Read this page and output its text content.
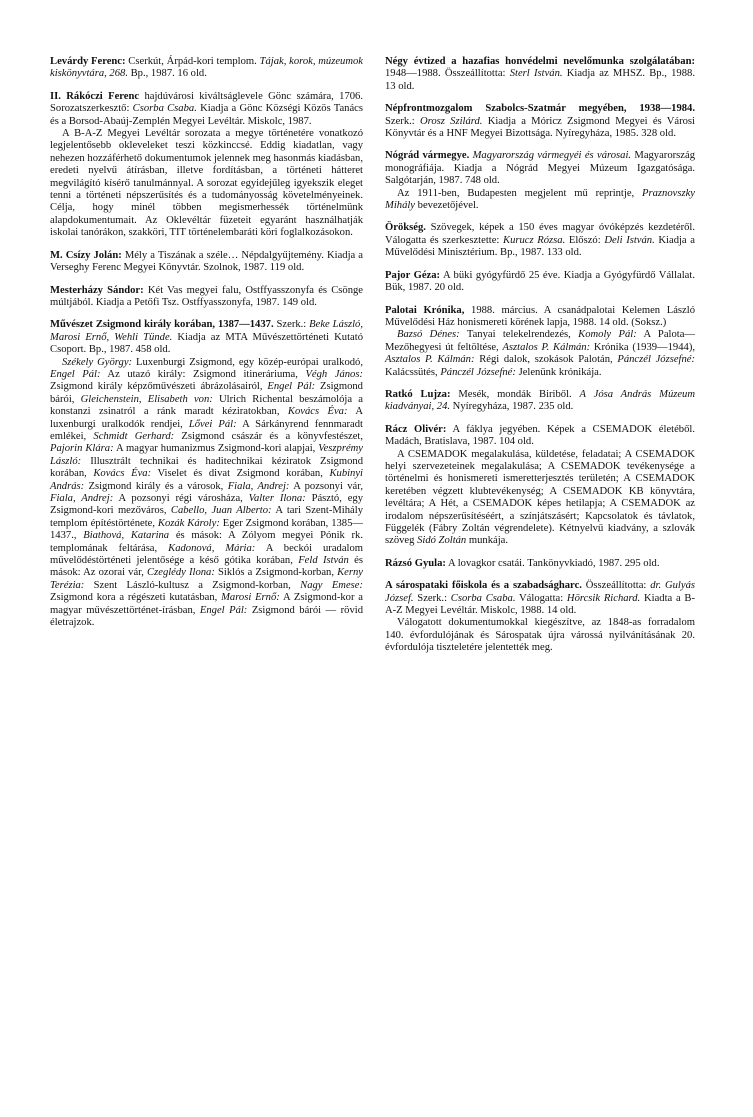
Levárdy Ferenc: Cserkút, Árpád-kori templom. Tájak, korok, múzeumok kiskönyvtára, 268. Bp., 1987. 16 old.

II. Rákóczi Ferenc hajdúvárosi kiváltságlevele Gönc számára, 1706. Sorozatszerkesztő: Csorba Csaba. Kiadja a Gönc Községi Közös Tanács és a Borsod-Abaúj-Zemplén Megyei Levéltár. Miskolc, 1987.

A B-A-Z Megyei Levéltár sorozata a megye történetére vonatkozó legjelentősebb okleveleket teszi közkinccsé. Eddig kiadatlan, vagy nehezen hozzáférhető dokumentumok jelennek meg hasonmás kiadásban, eredeti nyelvű átírásban, illetve fordításban, a történeti hátteret megvilágító kísérő tanulmánnyal. A sorozat egyidejűleg igyekszik eleget tenni a történeti népszerűsítés és a tudományosság követelményeinek. Célja, hogy minél többen megismerhessék történelmünk alapdokumentumait. Az Oklevéltár füzeteit egyaránt használhatják iskolai tanórákon, szakköri, TIT történelembaráti köri foglalkozásokon.

M. Csízy Jolán: Mély a Tiszának a széle… Népdalgyűjtemény. Kiadja a Verseghy Ferenc Megyei Könyvtár. Szolnok, 1987. 119 old.

Mesterházy Sándor: Két Vas megyei falu, Ostffyasszonyfa és Csönge múltjából. Kiadja a Petőfi Tsz. Ostffyasszonyfa, 1987. 149 old.

Művészet Zsigmond király korában, 1387—1437. Szerk.: Beke László, Marosi Ernő, Wehli Tünde. Kiadja az MTA Művészettörténeti Kutató Csoport. Bp., 1987. 458 old.

Székely György: Luxenburgi Zsigmond, egy közép-európai uralkodó, Engel Pál: Az utazó király: Zsigmond itineráriuma, Végh János: Zsigmond király képzőművészeti ábrázolásairól, Engel Pál: Zsigmond bárói, Gleichenstein, Elisabeth von: Ulrich Richental beszámolója a konstanzi zsinatról a ránk maradt kéziratokban, Kovács Éva: A luxenburgi uralkodók rendjei, Lővei Pál: A Sárkányrend fennmaradt emlékei, Schmidt Gerhard: Zsigmond császár és a könyvfestészet, Pajorin Klára: A magyar humanizmus Zsigmond-kori alapjai, Veszprémy László: Illusztrált technikai és haditechnikai kéziratok Zsigmond korában, Kovács Éva: Viselet és divat Zsigmond korában, Kubinyi András: Zsigmond király és a városok, Fiala, Andrej: A pozsonyi vár, Fiala, Andrej: A pozsonyi régi városháza, Valter Ilona: Pásztó, egy Zsigmond-kori mezőváros, Cabello, Juan Alberto: A tari Szent-Mihály templom építéstörténete, Kozák Károly: Eger Zsigmond korában, 1385—1437., Biathová, Katarina és mások: A Zólyom megyei Pónik rk. templomának feltárása, Kadonová, Mária: A beckói uradalom művelődéstörténeti jelentősége a késő gótika korában, Feld István és mások: Az ozorai vár, Czeglédy Ilona: Siklós a Zsigmond-korban, Kerny Terézia: Szent László-kultusz a Zsigmond-korban, Nagy Emese: Zsigmond kora a régészeti kutatásban, Marosi Ernő: A Zsigmond-kor a magyar művészettörténet-írásban, Engel Pál: Zsigmond bárói — rövid életrajzok.

Négy évtized a hazafias honvédelmi nevelőmunka szolgálatában: 1948—1988. Összeállította: Sterl István. Kiadja az MHSZ. Bp., 1988. 13 old.

Népfrontmozgalom Szabolcs-Szatmár megyében, 1938—1984. Szerk.: Orosz Szilárd. Kiadja a Móricz Zsigmond Megyei és Városi Könyvtár és a HNF Megyei Bizottsága. Nyíregyháza, 1985. 328 old.

Nógrád vármegye. Magyarország vármegyéi és városai. Magyarország monográfiája. Kiadja a Nógrád Megyei Múzeum Igazgatósága. Salgótarján, 1987. 748 old.

Az 1911-ben, Budapesten megjelent mű reprintje, Praznovszky Mihály bevezetőjével.

Örökség. Szövegek, képek a 150 éves magyar óvóképzés kezdetéről. Válogatta és szerkesztette: Kurucz Rózsa. Előszó: Deli István. Kiadja a Művelődési Minisztérium. Bp., 1987. 133 old.

Pajor Géza: A büki gyógyfürdő 25 éve. Kiadja a Gyógyfürdő Vállalat. Bük, 1987. 20 old.

Palotai Krónika, 1988. március. A csanádpalotai Kelemen László Művelődési Ház honismereti körének lapja, 1988. 14 old. (Soksz.)

Bazsó Dénes: Tanyai telekelrendezés, Komoly Pál: A Palota—Mezőhegyesi út feltöltése, Asztalos P. Kálmán: Krónika (1939—1944), Asztalos P. Kálmán: Régi dalok, szokások Palotán, Pánczél Józsefné: Kalácssütés, Pánczél Józsefné: Jelenünk krónikája.

Ratkó Lujza: Mesék, mondák Biriből. A Jósa András Múzeum kiadványai, 24. Nyíregyháza, 1987. 235 old.

Rácz Olivér: A fáklya jegyében. Képek a CSEMADOK életéből. Madách, Bratislava, 1987. 104 old.

A CSEMADOK megalakulása, küldetése, feladatai; A CSEMADOK helyi szervezeteinek megalakulása; A CSEMADOK tevékenysége a történelmi és honismereti ismeretterjesztés területén; A CSEMADOK keretében végzett klubtevékenység; A CSEMADOK KB könyvtára, levéltára; A Hét, a CSEMADOK képes hetilapja; A CSEMADOK az irodalom népszerűsítéséért, a színjátszásért; Kapcsolatok és távlatok, Függelék (Fábry Zoltán végrendelete). Kétnyelvű kiadvány, a szlovák szöveg Sidó Zoltán munkája.

Rázsó Gyula: A lovagkor csatái. Tankönyvkiadó, 1987. 295 old.

A sárospataki főiskola és a szabadságharc. Összeállította: dr. Gulyás József. Szerk.: Csorba Csaba. Válogatta: Hörcsik Richard. Kiadta a B-A-Z Megyei Levéltár. Miskolc, 1988. 14 old.

Válogatott dokumentumokkal kiegészítve, az 1848-as forradalom 140. évfordulójának és Sárospatak újra várossá nyilvánításának 20. évfordulója tiszteletére jelentették meg.
